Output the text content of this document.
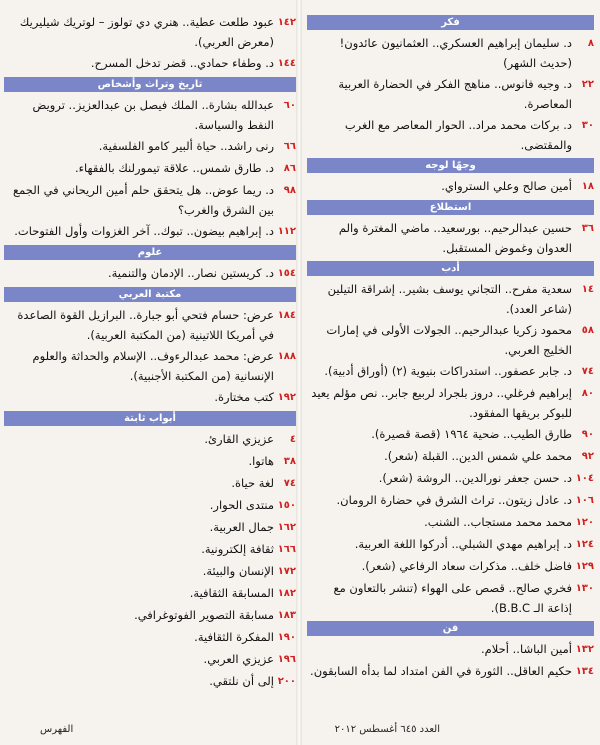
فكر
٨
د. سليمان إبراهيم العسكري.. العثمانيون عائدون! (حديث الشهر)
٢٢
د. وجيه فانوس.. مناهج الفكر في الحضارة العربية المعاصرة.
٣٠
د. بركات محمد مراد.. الحوار المعاصر مع الغرب والمقتضى.
وجهًا لوجه
١٨
أمين صالح وعلي السترواي.
استطلاع
٣٦
حسين عبدالرحيم.. بورسعيد.. ماضي المغترة والم العدوان وغموض المستقبل.
أدب
١٤
سعدية مفرح.. التجاني يوسف بشير.. إشراقة التيلين (شاعر العدد).
٥٨
محمود زكريا عبدالرحيم.. الجولات الأولى في إمارات الخليج العربي.
٧٤
د. جابر عصفور.. استدراكات بنيوية (٢) (أوراق أدبية).
٨٠
إبراهيم فرغلي.. دروز بلجراد لربيع جابر.. نص مؤلم يعيد للبوكر بريقها المفقود.
٩٠
طارق الطيب.. ضحية ١٩٦٤ (قصة قصيرة).
٩٢
محمد علي شمس الدين.. القبلة (شعر).
١٠٤
د. حسن جعفر نورالدين.. الروشة (شعر).
١٠٦
د. عادل زيتون.. تراث الشرق في حضارة الرومان.
١٢٠
محمد محمد مستجاب.. الشنب.
١٢٤
د. إبراهيم مهدي الشبلي.. أدركوا اللغة العربية.
١٢٩
فاضل خلف.. مذكرات سعاد الرفاعي (شعر).
١٣٠
فخري صالح.. قصص على الهواء (تنشر بالتعاون مع إذاعة الـ B.B.C).
فن
١٣٢
أمين الباشا.. أحلام.
١٣٤
حكيم العاقل.. الثورة في الفن امتداد لما بدأه السابقون.
١٤٢
عبود طلعت عطية.. هنري دي تولوز – لوتريك شيليريك (معرض العربي).
١٤٤
د. وطفاء حمادي.. قضر تدخل المسرح.
تاريخ وتراث وأشخاص
٦٠
عبدالله بشارة.. الملك فيصل بن عبدالعزيز.. ترويض النفط والسياسة.
٦٦
رنى راشد.. حياة ألبير كامو الفلسفية.
٨٦
د. طارق شمس.. علاقة تيمورلنك بالفقهاء.
٩٨
د. ريما عوض.. هل يتحقق حلم أمين الريحاني في الجمع بين الشرق والغرب؟
١١٢
د. إبراهيم بيضون.. تبوك.. آخر الغزوات وأول الفتوحات.
علوم
١٥٤
د. كريستين نصار.. الإدمان والتنمية.
مكتبة العربي
١٨٤
عرض: حسام فتحي أبو جبارة.. البرازيل القوة الصاعدة في أمريكا اللاتينية (من المكتبة العربية).
١٨٨
عرض: محمد عبدالرءوف.. الإسلام والحداثة والعلوم الإنسانية (من المكتبة الأجنبية).
١٩٢
كتب مختارة.
أبواب ثابتة
٤
عزيزي القارئ.
٣٨
هاتوا.
٧٤
لغة حياة.
١٥٠
منتدى الحوار.
١٦٢
جمال العربية.
١٦٦
ثقافة إلكترونية.
١٧٢
الإنسان والبيئة.
١٨٢
المسابقة الثقافية.
١٨٣
مسابقة التصوير الفوتوغرافي.
١٩٠
المفكرة الثقافية.
١٩٦
عزيزي العربي.
٢٠٠
إلى أن نلتقي.
العدد ٦٤٥ أغسطس ٢٠١٢
الفهرس
